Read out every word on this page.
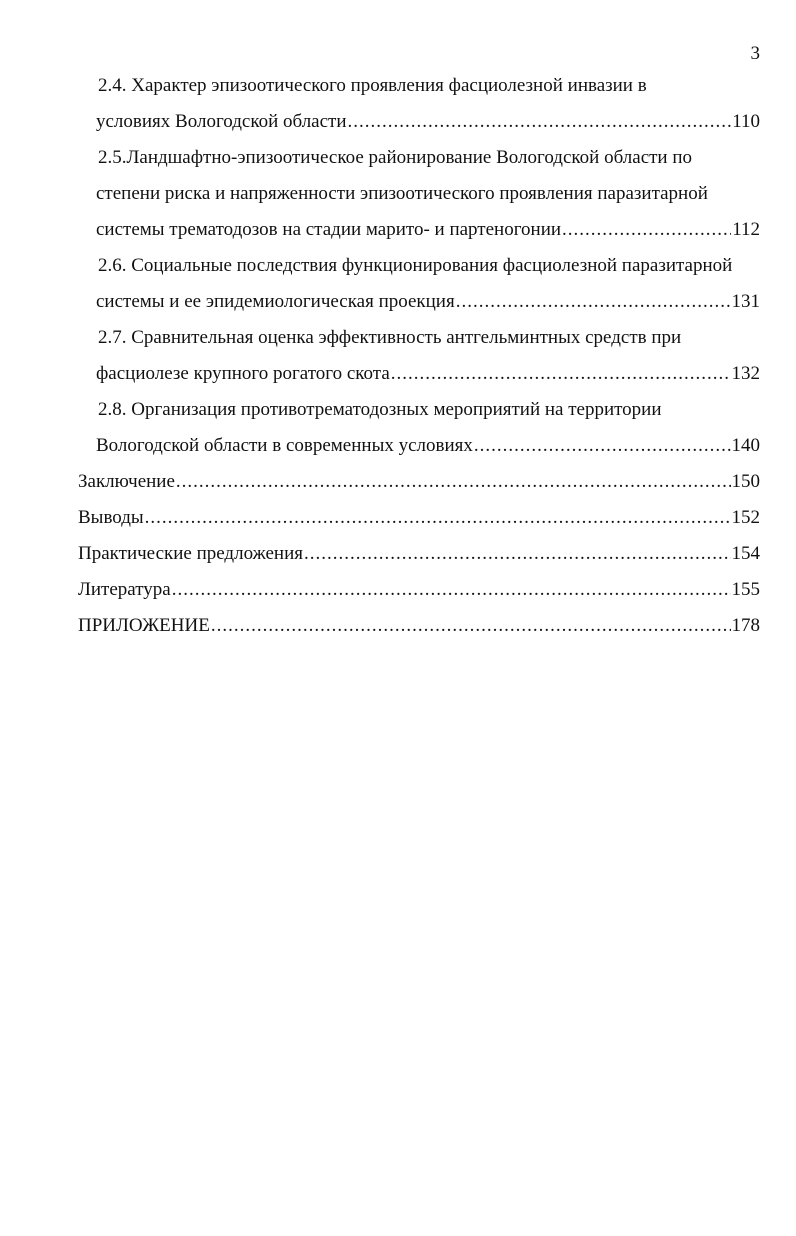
3
2.4. Характер эпизоотического проявления фасциолезной инвазии в
условиях Вологодской области .....	110
2.5.Ландшафтно-эпизоотическое районирование Вологодской области по
степени риска и напряженности эпизоотического проявления паразитарной
системы трематодозов на стадии марито- и партеногонии .....	112
2.6. Социальные последствия функционирования фасциолезной паразитарной
системы и ее эпидемиологическая проекция .....	131
2.7. Сравнительная оценка эффективность антгельминтных средств при
фасциолезе крупного рогатого скота .....	132
2.8. Организация противотрематодозных мероприятий на территории
Вологодской области в современных условиях .....	140
Заключение .....	150
Выводы .....	152
Практические предложения .....	154
Литература .....	155
ПРИЛОЖЕНИЕ .....	178
